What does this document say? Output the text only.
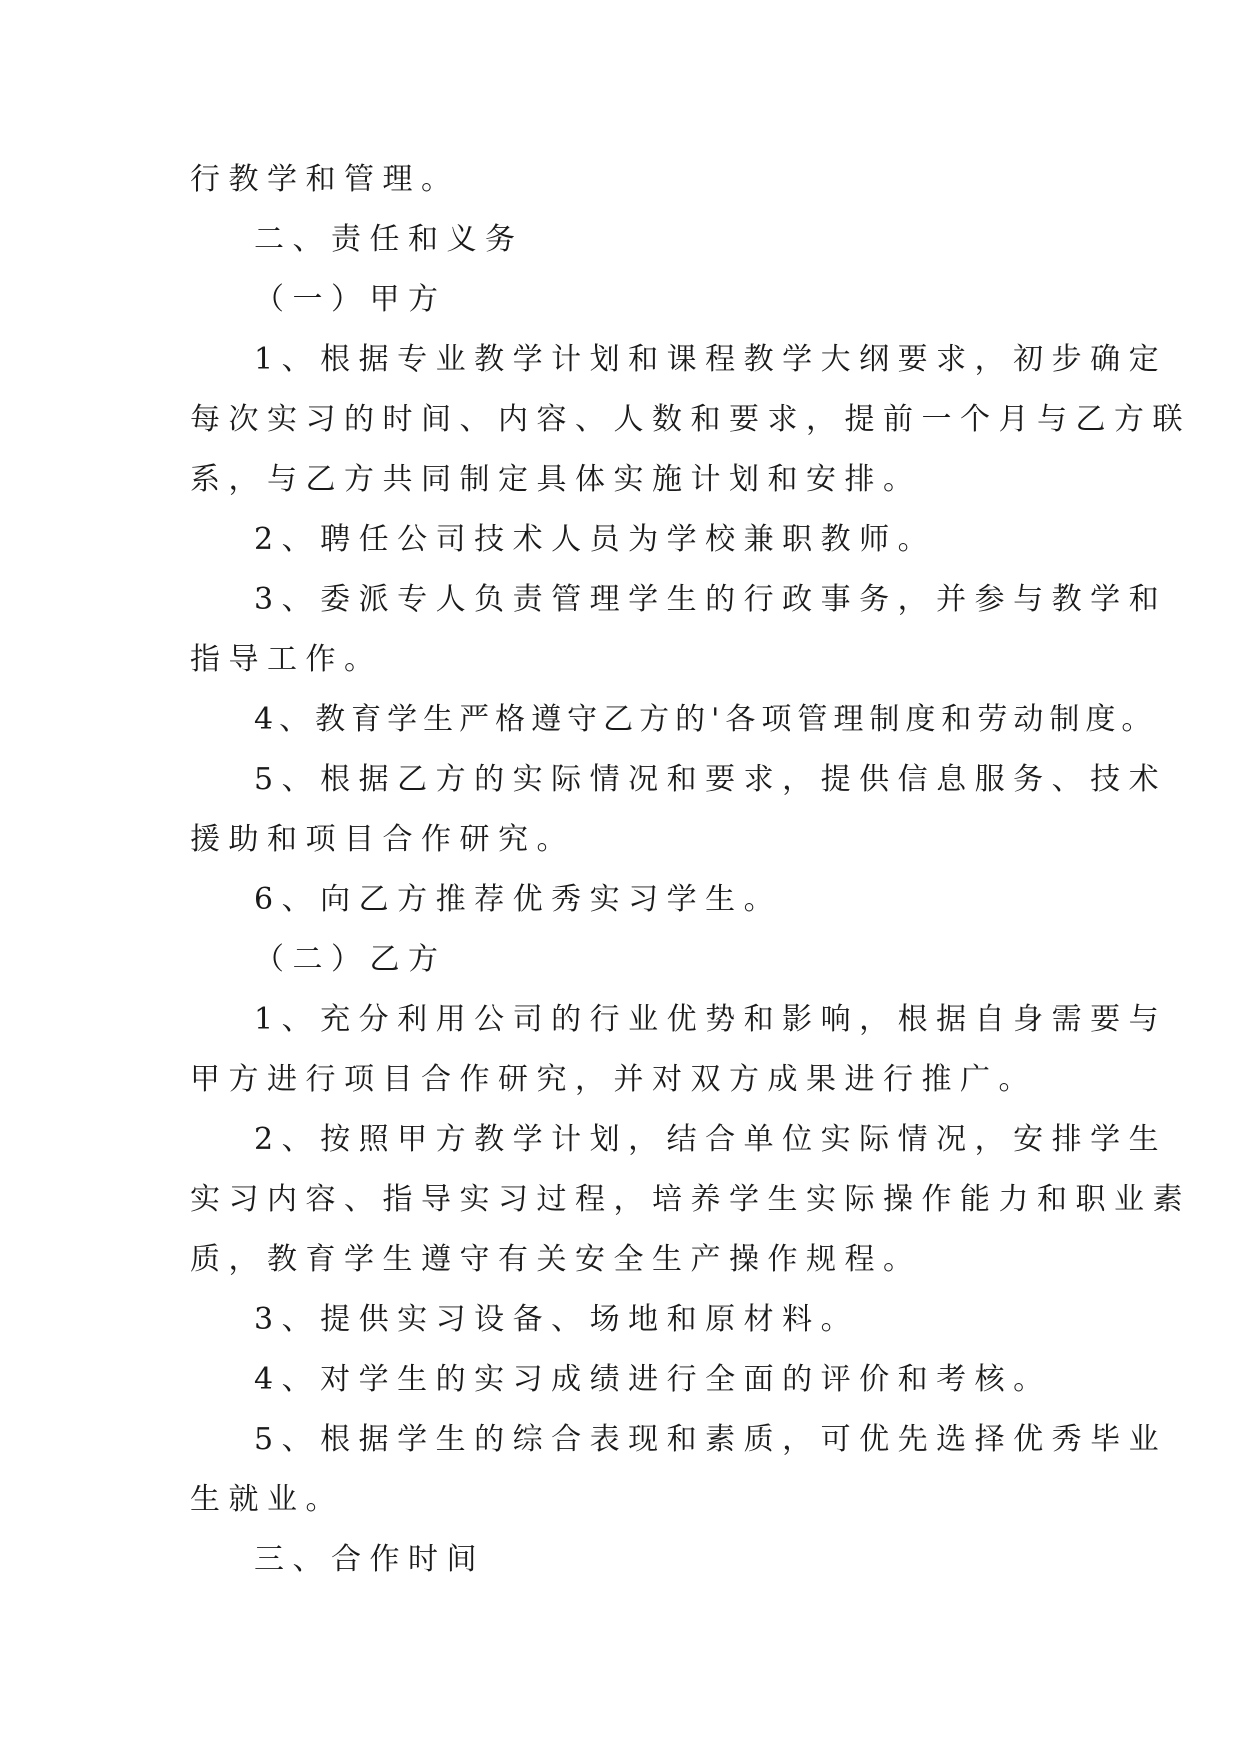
行教学和管理。
二、责任和义务
（一）甲方
1、根据专业教学计划和课程教学大纲要求，初步确定
每次实习的时间、内容、人数和要求，提前一个月与乙方联
系，与乙方共同制定具体实施计划和安排。
2、聘任公司技术人员为学校兼职教师。
3、委派专人负责管理学生的行政事务，并参与教学和
指导工作。
4、教育学生严格遵守乙方的'各项管理制度和劳动制度。
5、根据乙方的实际情况和要求，提供信息服务、技术
援助和项目合作研究。
6、向乙方推荐优秀实习学生。
（二）乙方
1、充分利用公司的行业优势和影响，根据自身需要与
甲方进行项目合作研究，并对双方成果进行推广。
2、按照甲方教学计划，结合单位实际情况，安排学生
实习内容、指导实习过程，培养学生实际操作能力和职业素
质，教育学生遵守有关安全生产操作规程。
3、提供实习设备、场地和原材料。
4、对学生的实习成绩进行全面的评价和考核。
5、根据学生的综合表现和素质，可优先选择优秀毕业
生就业。
三、合作时间
